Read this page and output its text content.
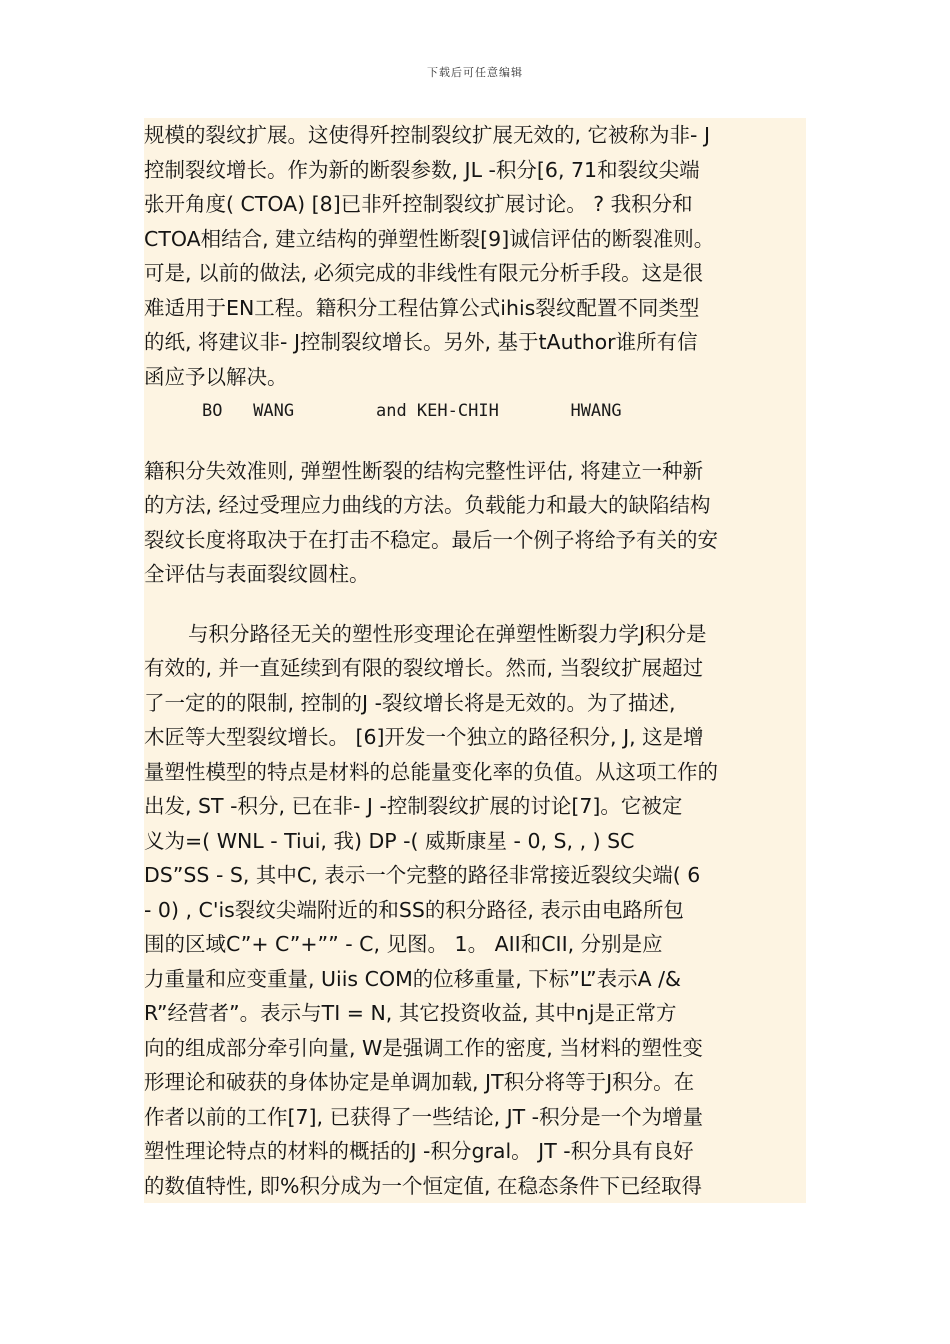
下载后可任意编辑
规模的裂纹扩展。这使得歼控制裂纹扩展无效的, 它被称为非- J
控制裂纹增长。作为新的断裂参数, JL -积分[6, 71和裂纹尖端
张开角度( CTOA) [8]已非歼控制裂纹扩展讨论。 ? 我积分和
CTOA相结合, 建立结构的弹塑性断裂[9]诚信评估的断裂准则。
可是, 以前的做法, 必须完成的非线性有限元分析手段。这是很
难适用于EN工程。籍积分工程估算公式ihis裂纹配置不同类型
的纸, 将建议非- J控制裂纹增长。另外, 基于tAuthor谁所有信
函应予以解决。
BO   WANG        and KEH-CHIH       HWANG
籍积分失效准则, 弹塑性断裂的结构完整性评估, 将建立一种新
的方法, 经过受理应力曲线的方法。负载能力和最大的缺陷结构
裂纹长度将取决于在打击不稳定。最后一个例子将给予有关的安
全评估与表面裂纹圆柱。
与积分路径无关的塑性形变理论在弹塑性断裂力学J积分是
有效的, 并一直延续到有限的裂纹增长。然而, 当裂纹扩展超过
了一定的的限制, 控制的J -裂纹增长将是无效的。为了描述,
木匠等大型裂纹增长。 [6]开发一个独立的路径积分, J, 这是增
量塑性模型的特点是材料的总能量变化率的负值。从这项工作的
出发, ST -积分, 已在非- J -控制裂纹扩展的讨论[7]。它被定
义为=( WNL - Tiui, 我) DP -( 威斯康星 - 0, S, , ) SC
DS”SS - S, 其中C, 表示一个完整的路径非常接近裂纹尖端( 6
- 0) , C'is裂纹尖端附近的和SS的积分路径, 表示由电路所包
围的区域C”+ C”+”” - C, 见图。 1。 AII和CII, 分别是应
力重量和应变重量, Uiis COM的位移重量, 下标”L”表示A /&
R”经营者”。表示与TI = N, 其它投资收益, 其中nj是正常方
向的组成部分牵引向量, W是强调工作的密度, 当材料的塑性变
形理论和破获的身体协定是单调加载, JT积分将等于J积分。在
作者以前的工作[7], 已获得了一些结论, JT -积分是一个为增量
塑性理论特点的材料的概括的J -积分gral。 JT -积分具有良好
的数值特性, 即%积分成为一个恒定值, 在稳态条件下已经取得
